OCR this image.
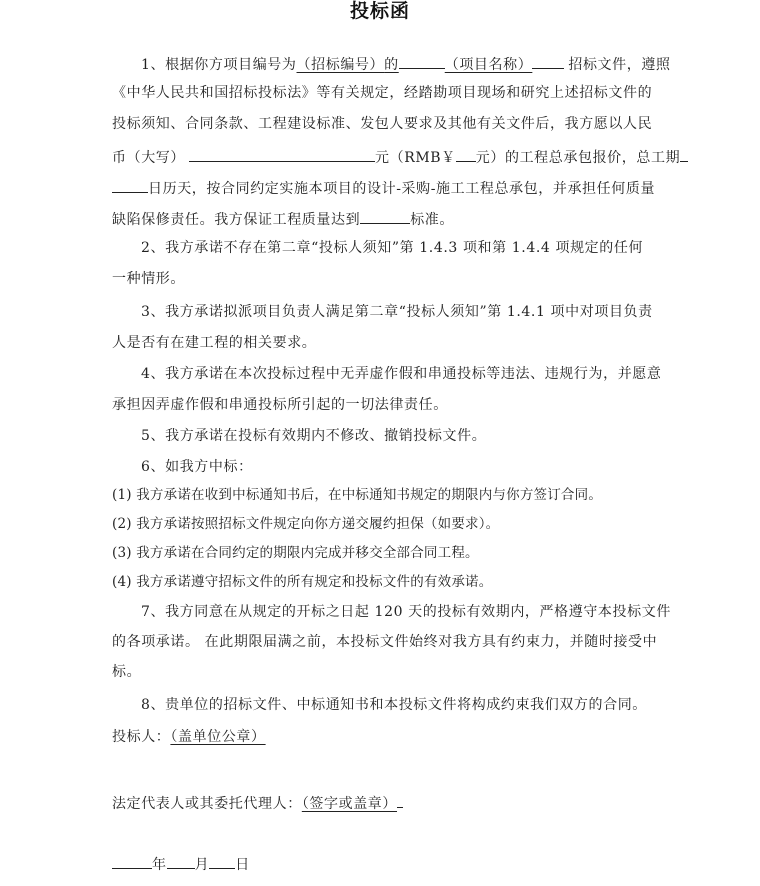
投标函
1、根据你方项目编号为（招标编号）的	（项目名称）	招标文件，遵照
《中华人民共和国招标投标法》等有关规定，经踏勘项目现场和研究上述招标文件的
投标须知、合同条款、工程建设标准、发包人要求及其他有关文件后，我方愿以人民
币（大写）	元（RMB￥ 元）的工程总承包报价，总工期
日历天，按合同约定实施本项目的设计-采购-施工工程总承包，并承担任何质量
缺陷保修责任。我方保证工程质量达到	标准。
2、我方承诺不存在第二章“投标人须知”第 1.4.3 项和第 1.4.4 项规定的任何
一种情形。
3、我方承诺拟派项目负责人满足第二章“投标人须知”第 1.4.1 项中对项目负责
人是否有在建工程的相关要求。
4、我方承诺在本次投标过程中无弄虚作假和串通投标等违法、违规行为，并愿意
承担因弄虚作假和串通投标所引起的一切法律责任。
5、我方承诺在投标有效期内不修改、撤销投标文件。
6、如我方中标：
(1) 我方承诺在收到中标通知书后，在中标通知书规定的期限内与你方签订合同。
(2) 我方承诺按照招标文件规定向你方递交履约担保（如要求）。
(3) 我方承诺在合同约定的期限内完成并移交全部合同工程。
(4) 我方承诺遵守招标文件的所有规定和投标文件的有效承诺。
7、我方同意在从规定的开标之日起 120 天的投标有效期内，严格遵守本投标文件
的各项承诺。 在此期限届满之前，本投标文件始终对我方具有约束力，并随时接受中
标。
8、贵单位的招标文件、中标通知书和本投标文件将构成约束我们双方的合同。
投标人：（盖单位公章）
法定代表人或其委托代理人：（签字或盖章）
年 月 日
